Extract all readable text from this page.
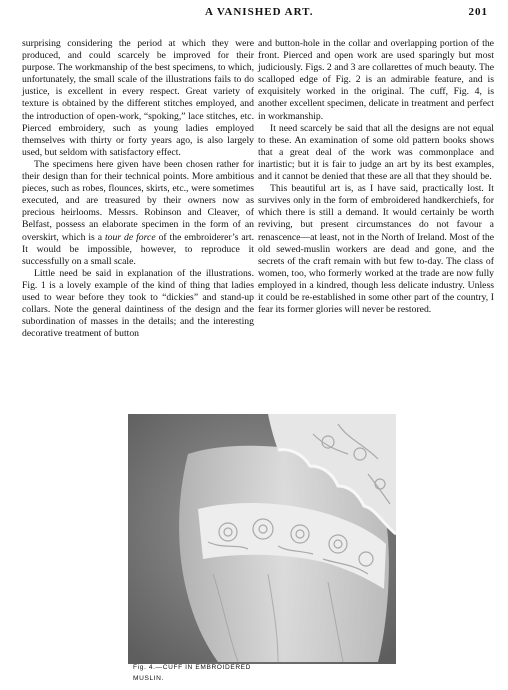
A VANISHED ART.	201

surprising considering the period at which they were produced, and could scarcely be improved for their purpose. The workmanship of the best specimens, to which, unfortunately, the small scale of the illustrations fails to do justice, is excellent in every respect. Great variety of texture is obtained by the different stitches employed, and the introduction of open-work, “spoking,” lace stitches, etc. Pierced embroidery, such as young ladies employed themselves with thirty or forty years ago, is also largely used, but seldom with satisfactory effect.

The specimens here given have been chosen rather for their design than for their technical points. More ambitious pieces, such as robes, flounces, skirts, etc., were sometimes executed, and are treasured by their owners now as precious heirlooms. Messrs. Robinson and Cleaver, of Belfast, possess an elaborate specimen in the form of an overskirt, which is a tour de force of the embroiderer’s art. It would be impossible, however, to reproduce it successfully on a small scale.

Little need be said in explanation of the illustrations. Fig. 1 is a lovely example of the kind of thing that ladies used to wear before they took to “dickies” and stand-up collars. Note the general daintiness of the design and the subordination of masses in the details; and the interesting decorative treatment of button

and button-hole in the collar and overlapping portion of the front. Pierced and open work are used sparingly but most judiciously. Figs. 2 and 3 are collarettes of much beauty. The scalloped edge of Fig. 2 is an admirable feature, and is exquisitely worked in the original. The cuff, Fig. 4, is another excellent specimen, delicate in treatment and perfect in workmanship.

It need scarcely be said that all the designs are not equal to these. An examination of some old pattern books shows that a great deal of the work was commonplace and inartistic; but it is fair to judge an art by its best examples, and it cannot be denied that these are all that they should be.

This beautiful art is, as I have said, practically lost. It survives only in the form of embroidered handkerchiefs, for which there is still a demand. It would certainly be worth reviving, but present circumstances do not favour a renascence—at least, not in the North of Ireland. Most of the old sewed-muslin workers are dead and gone, and the secrets of the craft remain with but few to-day. The class of women, too, who formerly worked at the trade are now fully employed in a kindred, though less delicate industry. Unless it could be re-established in some other part of the country, I fear its former glories will never be restored.

Fig. 4.—CUFF IN EMBROIDERED
MUSLIN.
